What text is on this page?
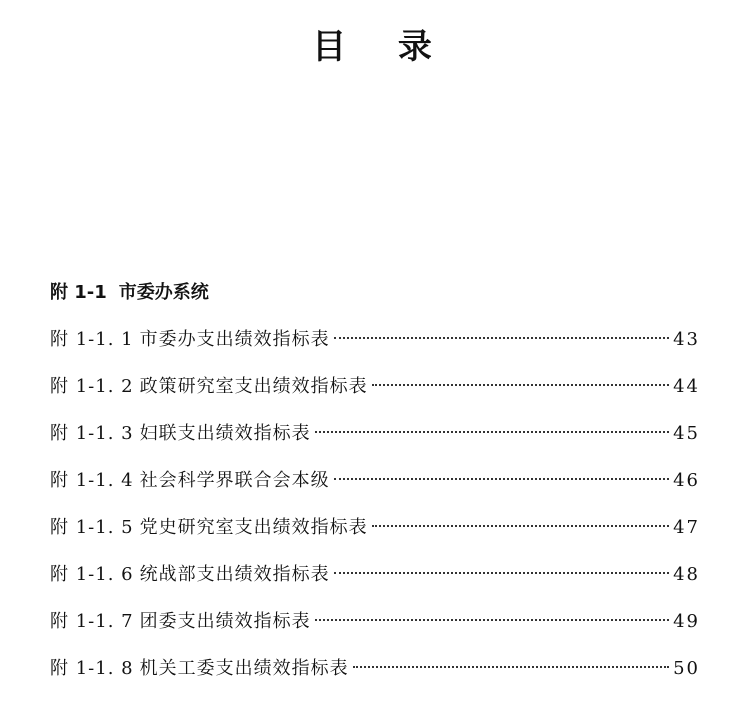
目 录
附 1-1 市委办系统
附 1-1. 1 市委办支出绩效指标表	43
附 1-1. 2 政策研究室支出绩效指标表	44
附 1-1. 3 妇联支出绩效指标表	45
附 1-1. 4 社会科学界联合会本级	46
附 1-1. 5 党史研究室支出绩效指标表	47
附 1-1. 6 统战部支出绩效指标表	48
附 1-1. 7 团委支出绩效指标表	49
附 1-1. 8 机关工委支出绩效指标表	50
